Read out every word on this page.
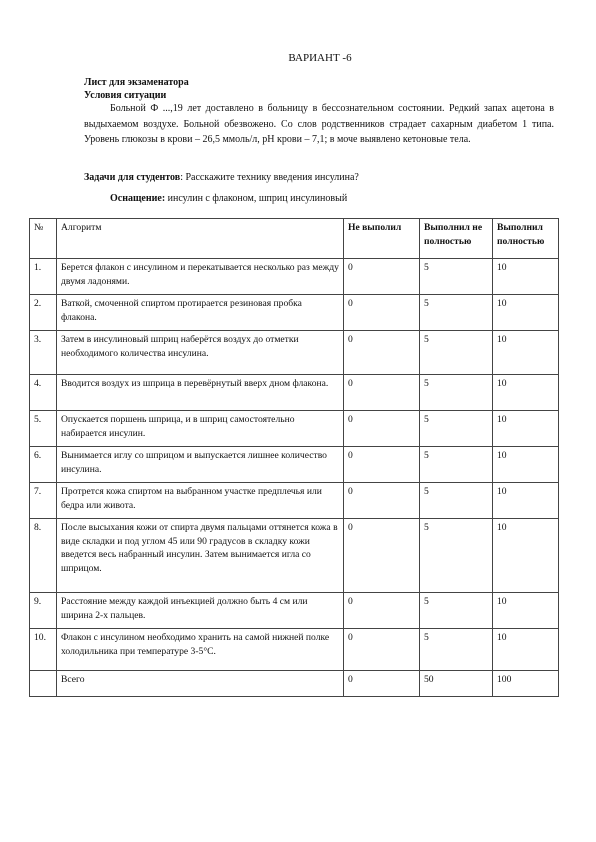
ВАРИАНТ -6
Лист для экзаменатора
Условия ситуации

Больной Ф ...,19 лет доставлено в больницу в бессознательном состоянии. Редкий запах ацетона в выдыхаемом воздухе. Больной обезвожено. Со слов родственников страдает сахарным диабетом 1 типа. Уровень глюкозы в крови – 26,5 ммоль/л, pH крови – 7,1; в моче выявлено кетоновые тела.

Задачи для студентов: Расскажите технику введения инсулина?
Оснащение: инсулин с флаконом, шприц инсулиновый
№	Алгоритм	Не выполил	Выполнил не полностью	Выполнил полностью
1.	Берется флакон с инсулином и перекатывается несколько раз между двумя ладонями.	0	5	10
2.	Ваткой, смоченной спиртом протирается резиновая пробка флакона.	0	5	10
3.	Затем в инсулиновый шприц наберётся воздух до отметки необходимого количества инсулина.	0	5	10
4.	Вводится воздух из шприца в перевёрнутый вверх дном флакона.	0	5	10
5.	Опускается поршень шприца, и в шприц самостоятельно набирается инсулин.	0	5	10
6.	Вынимается иглу со шприцом и выпускается лишнее количество инсулина.	0	5	10
7.	Протрется кожа спиртом на выбранном участке предплечья или бедра или живота.	0	5	10
8.	После высыхания кожи от спирта двумя пальцами оттянется кожа в виде складки и под углом 45 или 90 градусов в складку кожи введется весь набранный инсулин. Затем вынимается игла со шприцом.	0	5	10
9.	Расстояние между каждой инъекцией должно быть 4 см или ширина 2-х пальцев.	0	5	10
10.	Флакон с инсулином необходимо хранить на самой нижней полке холодильника при температуре 3-5°С.	0	5	10
	Всего	0	50	100
